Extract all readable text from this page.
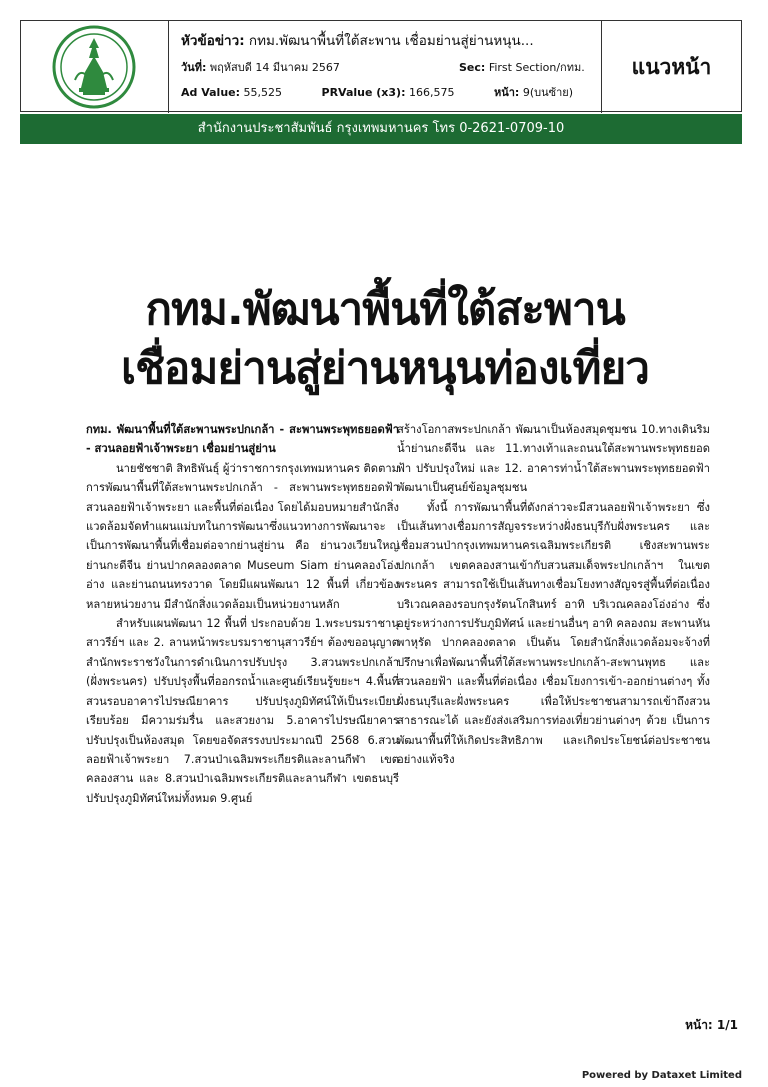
หัวข้อข่าว: กทม.พัฒนาพื้นที่ใต้สะพาน เชื่อมย่านสู่ย่านหนุน...
วันที่: พฤหัสบดี 14 มีนาคม 2567	Sec: First Section/กทม.
Ad Value: 55,525	PRValue (x3): 166,575	หน้า: 9(บนซ้าย)
แนวหน้า
สำนักงานประชาสัมพันธ์ กรุงเทพมหานคร โทร 0-2621-0709-10
กทม.พัฒนาพื้นที่ใต้สะพาน
เชื่อมย่านสู่ย่านหนุนท่องเที่ยว

กทม. พัฒนาพื้นที่ใต้สะพานพระปกเกล้า - สะพานพระพุทธยอดฟ้า - สวนลอยฟ้าเจ้าพระยา เชื่อมย่านสู่ย่าน

นายชัชชาติ สิทธิพันธุ์ ผู้ว่าราชการกรุงเทพมหานคร ติดตามการพัฒนาพื้นที่ใต้สะพานพระปกเกล้า - สะพานพระพุทธยอดฟ้า สวนลอยฟ้าเจ้าพระยา และพื้นที่ต่อเนื่อง โดยได้มอบหมายสำนักสิ่งแวดล้อมจัดทำแผนแม่บทในการพัฒนาซึ่งแนวทางการพัฒนาจะเป็นการพัฒนาพื้นที่เชื่อมต่อจากย่านสู่ย่าน คือ ย่านวงเวียนใหญ่ ย่านกะดีจีน ย่านปากคลองตลาด Museum Siam ย่านคลองโอ่งอ่าง และย่านถนนทรงวาด โดยมีแผนพัฒนา 12 พื้นที่ เกี่ยวข้องหลายหน่วยงาน มีสำนักสิ่งแวดล้อมเป็นหน่วยงานหลัก

สำหรับแผนพัฒนา 12 พื้นที่ ประกอบด้วย 1.พระบรมราชานุสาวรีย์ฯ และ 2. ลานหน้าพระบรมราชานุสาวรีย์ฯ ต้องขออนุญาตสำนักพระราชวังในการดำเนินการปรับปรุง 3.สวนพระปกเกล้า (ฝั่งพระนคร) ปรับปรุงพื้นที่ออกรถน้ำและศูนย์เรียนรู้ขยะฯ 4.พื้นที่สวนรอบอาคารไปรษณียาคาร ปรับปรุงภูมิทัศน์ให้เป็นระเบียบเรียบร้อย มีความร่มรื่น และสวยงาม 5.อาคารไปรษณียาคาร ปรับปรุงเป็นห้องสมุด โดยขอจัดสรรงบประมาณปี 2568 6.สวนลอยฟ้าเจ้าพระยา 7.สวนป่าเฉลิมพระเกียรติและลานกีฬา เขตคลองสาน และ 8.สวนป่าเฉลิมพระเกียรติและลานกีฬา เขตธนบุรี ปรับปรุงภูมิทัศน์ใหม่ทั้งหมด 9.ศูนย์

สร้างโอกาสพระปกเกล้า พัฒนาเป็นห้องสมุดชุมชน 10.ทางเดินริมน้ำย่านกะดีจีน และ 11.ทางเท้าและถนนใต้สะพานพระพุทธยอดฟ้า ปรับปรุงใหม่ และ 12. อาคารท่าน้ำใต้สะพานพระพุทธยอดฟ้า พัฒนาเป็นศูนย์ข้อมูลชุมชน

ทั้งนี้ การพัฒนาพื้นที่ดังกล่าวจะมีสวนลอยฟ้าเจ้าพระยา ซึ่งเป็นเส้นทางเชื่อมการสัญจรระหว่างฝั่งธนบุรีกับฝั่งพระนคร และเชื่อมสวนป่ากรุงเทพมหานครเฉลิมพระเกียรติ เชิงสะพานพระปกเกล้า เขตคลองสานเข้ากับสวนสมเด็จพระปกเกล้าฯ ในเขตพระนคร สามารถใช้เป็นเส้นทางเชื่อมโยงทางสัญจรสู่พื้นที่ต่อเนื่องบริเวณคลองรอบกรุงรัตนโกสินทร์ อาทิ บริเวณคลองโอ่งอ่าง ซึ่งอยู่ระหว่างการปรับภูมิทัศน์ และย่านอื่นๆ อาทิ คลองถม สะพานหัน พาหุรัด ปากคลองตลาด เป็นต้น โดยสำนักสิ่งแวดล้อมจะจ้างที่ปรึกษาเพื่อพัฒนาพื้นที่ใต้สะพานพระปกเกล้า-สะพานพุทธ และสวนลอยฟ้า และพื้นที่ต่อเนื่อง เชื่อมโยงการเข้า-ออกย่านต่างๆ ทั้งฝั่งธนบุรีและฝั่งพระนคร เพื่อให้ประชาชนสามารถเข้าถึงสวนสาธารณะได้ และยังส่งเสริมการท่องเที่ยวย่านต่างๆ ด้วย เป็นการพัฒนาพื้นที่ให้เกิดประสิทธิภาพ และเกิดประโยชน์ต่อประชาชนอย่างแท้จริง

หน้า: 1/1
Powered by Dataxet Limited
